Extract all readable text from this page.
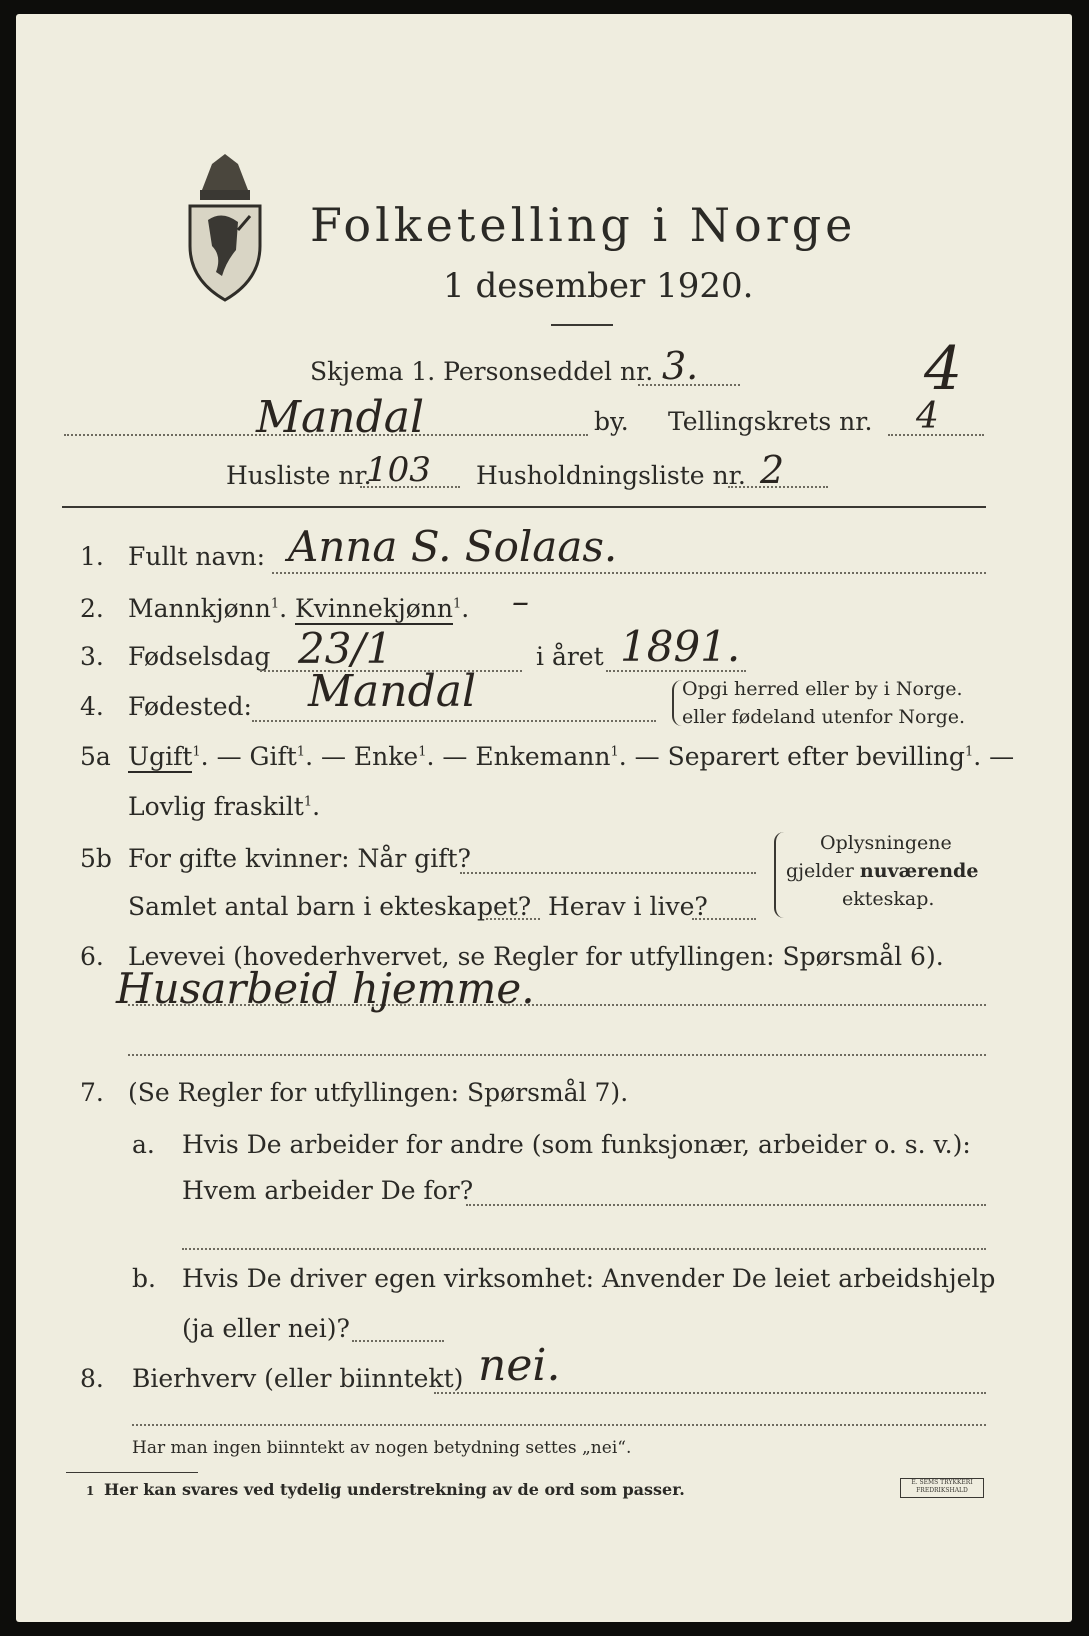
Folketelling i Norge
1 desember 1920.
Skjema 1. Personseddel nr. 3.	4
Mandal	by. Tellingskrets nr. 4
Husliste nr.
103 Husholdningsliste nr. 2
1. Fullt navn: Anna S. Solaas.
2. Mannkjønn$^1$. Kvinnekjønn$^1$. –
3. Fødselsdag 23/1	i året 1891.
4. Fødested: Mandal	Opgi herred eller by i Norge.
eller fødeland utenfor Norge.
5a Ugift$^1$. — Gift$^1$. — Enke$^1$. — Enkemann$^1$. — Separert efter bevilling$^1$. —
Lovlig fraskilt$^1$.
5b For gifte kvinner: Når gift?
Samlet antal barn i ekteskapet? Herav i live?
Oplysningene
gjelder nuværende
ekteskap.
6. Levevei (hovederhvervet, se Regler for utfyllingen: Spørsmål 6).
Husarbeid hjemme.
7. (Se Regler for utfyllingen: Spørsmål 7).
a. Hvis De arbeider for andre (som funksjonær, arbeider o. s. v.):
Hvem arbeider De for?
b. Hvis De driver egen virksomhet: Anvender De leiet arbeidshjelp
(ja eller nei)?
8. Bierhverv (eller biinntekt) nei.
Har man ingen biinntekt av nogen betydning settes „nei“.
1 Her kan svares ved tydelig understrekning av de ord som passer.	E. SEMS TRYKKERI
FREDRIKSHALD
